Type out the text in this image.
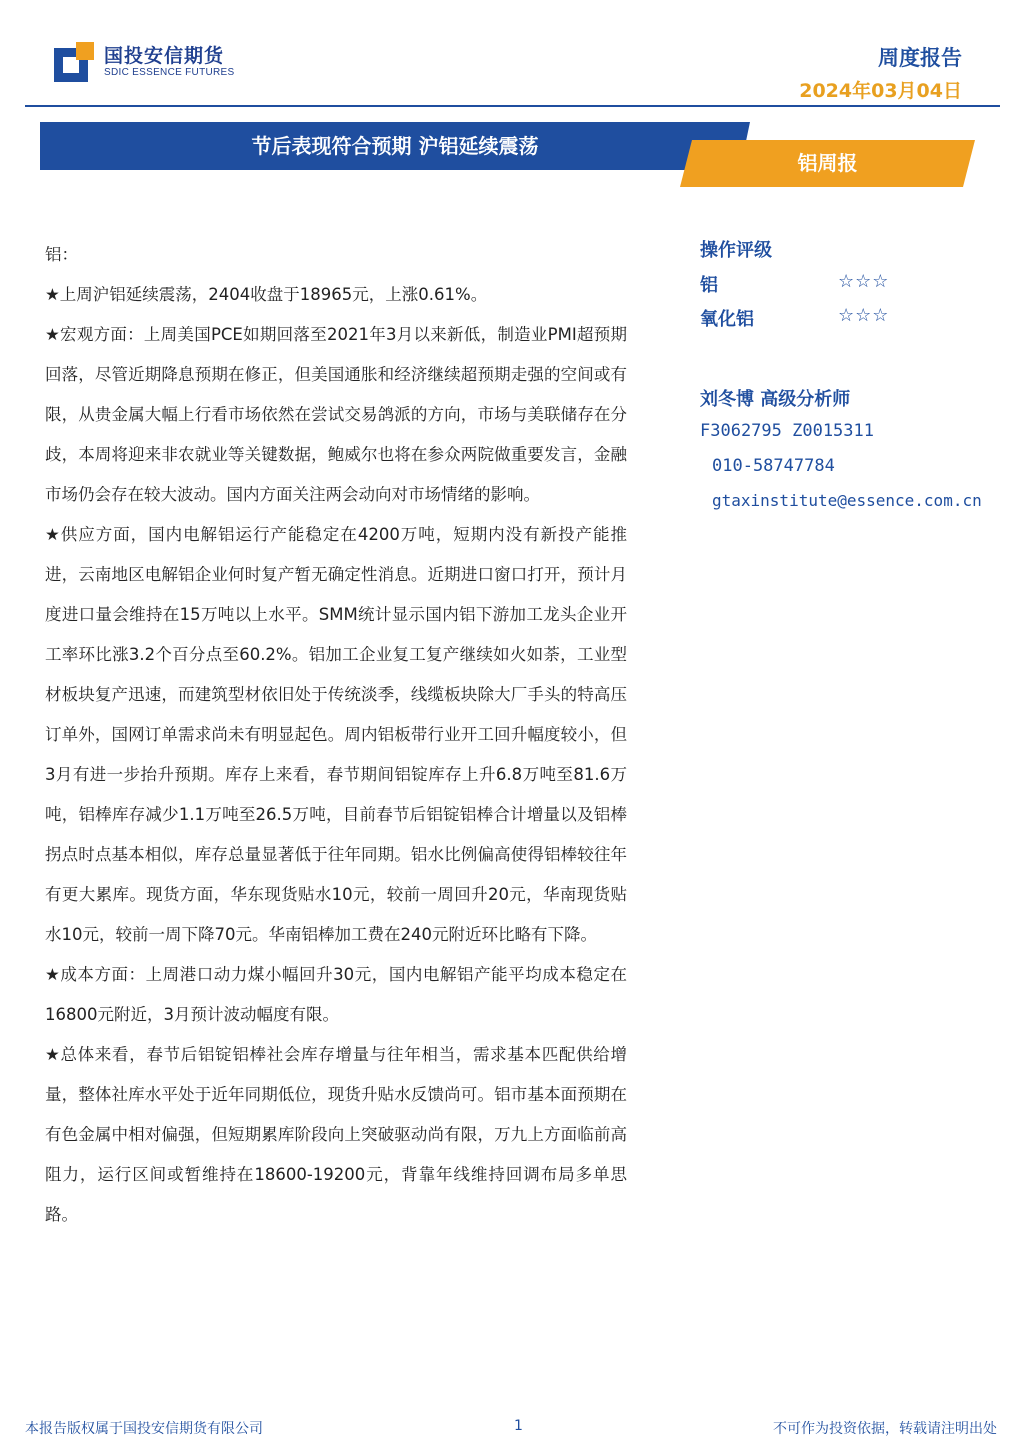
国投安信期货
SDIC ESSENCE FUTURES
周度报告
2024年03月04日
节后表现符合预期 沪铝延续震荡
铝周报

铝：

★上周沪铝延续震荡，2404收盘于18965元，上涨0.61%。

★宏观方面：上周美国PCE如期回落至2021年3月以来新低，制造业PMI超预期回落，尽管近期降息预期在修正，但美国通胀和经济继续超预期走强的空间或有限，从贵金属大幅上行看市场依然在尝试交易鸽派的方向，市场与美联储存在分歧，本周将迎来非农就业等关键数据，鲍威尔也将在参众两院做重要发言，金融市场仍会存在较大波动。国内方面关注两会动向对市场情绪的影响。

★供应方面，国内电解铝运行产能稳定在4200万吨，短期内没有新投产能推进，云南地区电解铝企业何时复产暂无确定性消息。近期进口窗口打开，预计月度进口量会维持在15万吨以上水平。SMM统计显示国内铝下游加工龙头企业开工率环比涨3.2个百分点至60.2%。铝加工企业复工复产继续如火如荼，工业型材板块复产迅速，而建筑型材依旧处于传统淡季，线缆板块除大厂手头的特高压订单外，国网订单需求尚未有明显起色。周内铝板带行业开工回升幅度较小，但3月有进一步抬升预期。库存上来看，春节期间铝锭库存上升6.8万吨至81.6万吨，铝棒库存减少1.1万吨至26.5万吨，目前春节后铝锭铝棒合计增量以及铝棒拐点时点基本相似，库存总量显著低于往年同期。铝水比例偏高使得铝棒较往年有更大累库。现货方面，华东现货贴水10元，较前一周回升20元，华南现货贴水10元，较前一周下降70元。华南铝棒加工费在240元附近环比略有下降。

★成本方面：上周港口动力煤小幅回升30元，国内电解铝产能平均成本稳定在16800元附近，3月预计波动幅度有限。

★总体来看，春节后铝锭铝棒社会库存增量与往年相当，需求基本匹配供给增量，整体社库水平处于近年同期低位，现货升贴水反馈尚可。铝市基本面预期在有色金属中相对偏强，但短期累库阶段向上突破驱动尚有限，万九上方面临前高阻力，运行区间或暂维持在18600-19200元，背靠年线维持回调布局多单思路。

操作评级
铝	☆☆☆
氧化铝	☆☆☆
刘冬博 高级分析师
F3062795 Z0015311
010-58747784
gtaxinstitute@essence.com.cn
本报告版权属于国投安信期货有限公司	1	不可作为投资依据，转载请注明出处
